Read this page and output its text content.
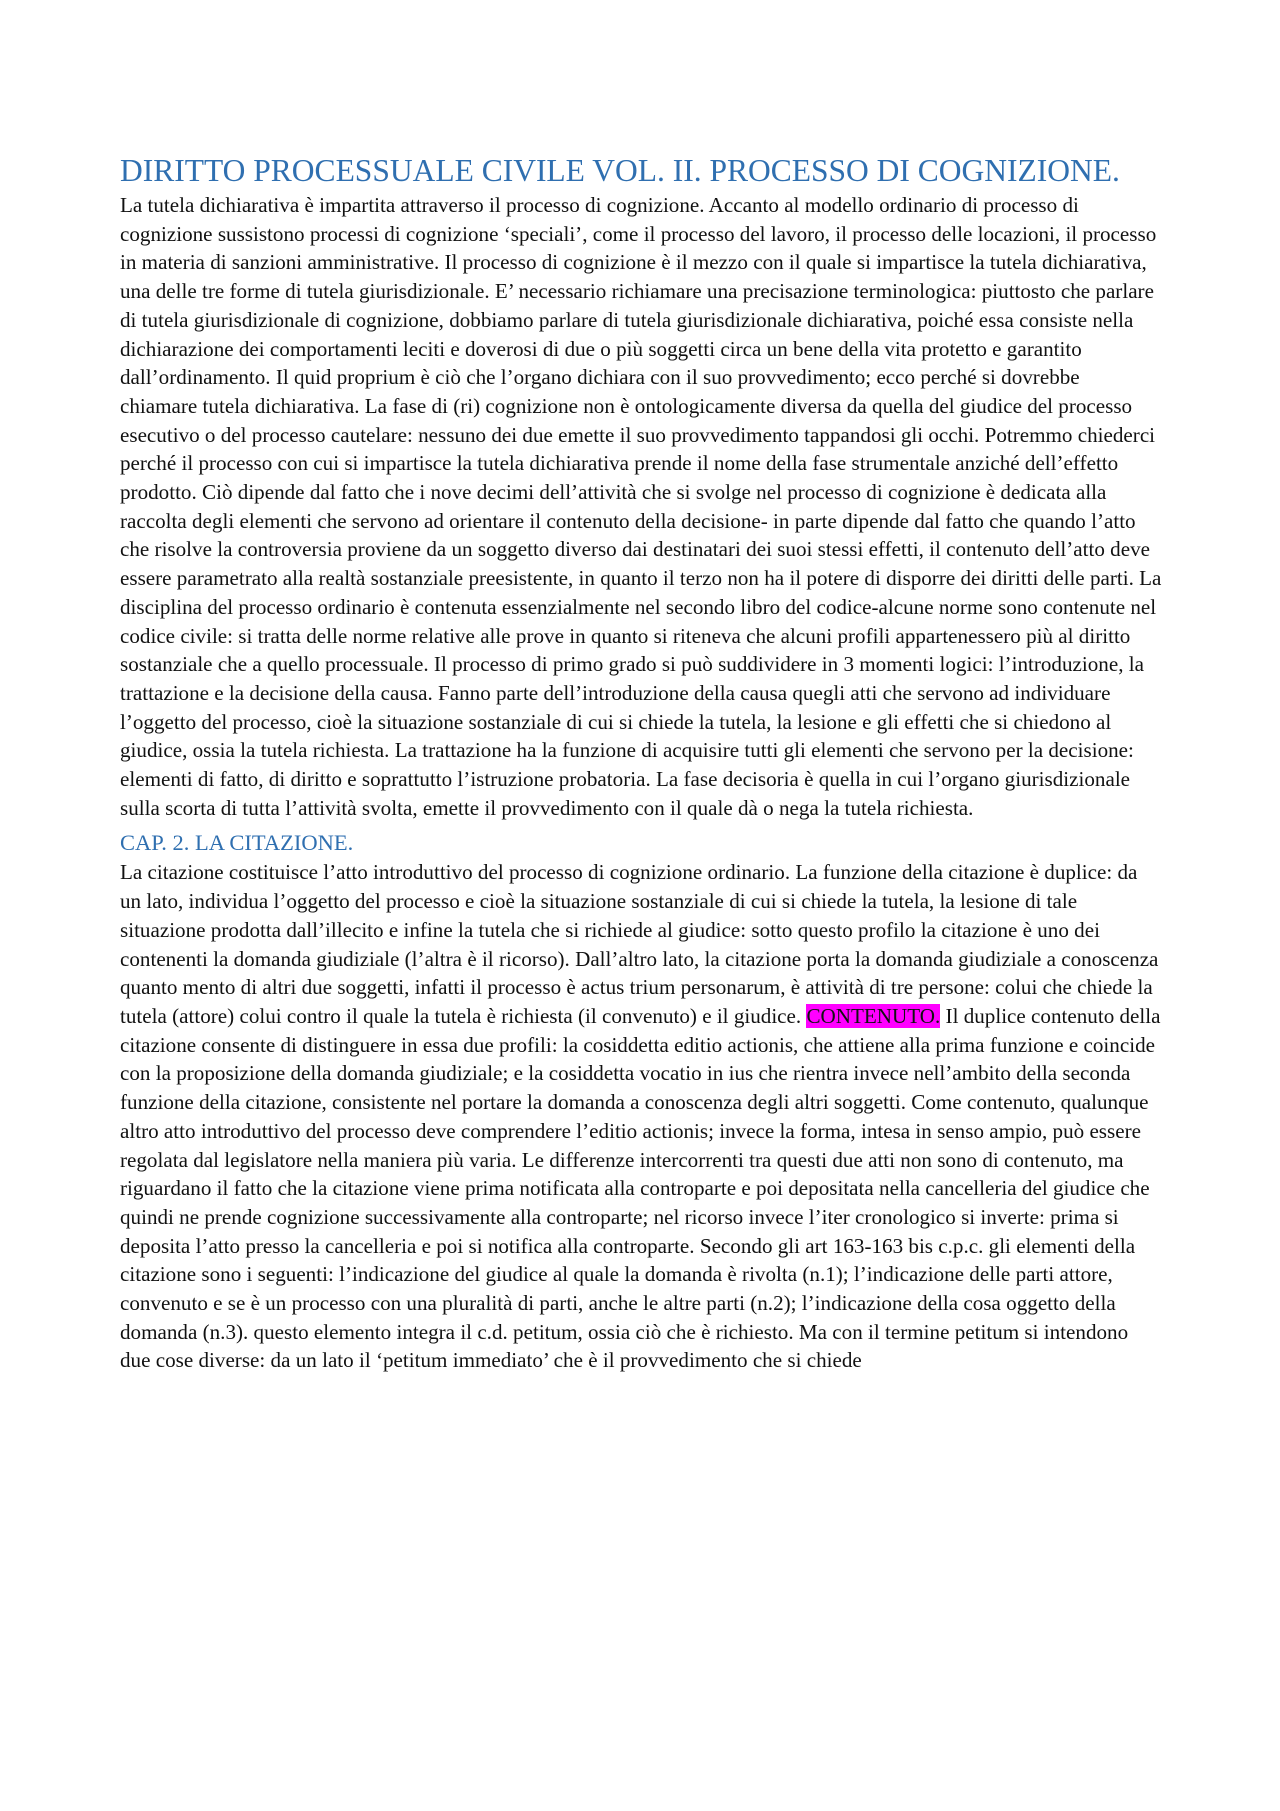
DIRITTO PROCESSUALE CIVILE VOL. II. PROCESSO DI COGNIZIONE.

La tutela dichiarativa è impartita attraverso il processo di cognizione. Accanto al modello ordinario di processo di cognizione sussistono processi di cognizione ‘speciali’, come il processo del lavoro, il processo delle locazioni, il processo in materia di sanzioni amministrative. Il processo di cognizione è il mezzo con il quale si impartisce la tutela dichiarativa, una delle tre forme di tutela giurisdizionale. E’ necessario richiamare una precisazione terminologica: piuttosto che parlare di tutela giurisdizionale di cognizione, dobbiamo parlare di tutela giurisdizionale dichiarativa, poiché essa consiste nella dichiarazione dei comportamenti leciti e doverosi di due o più soggetti circa un bene della vita protetto e garantito dall’ordinamento. Il quid proprium è ciò che l’organo dichiara con il suo provvedimento; ecco perché si dovrebbe chiamare tutela dichiarativa. La fase di (ri) cognizione non è ontologicamente diversa da quella del giudice del processo esecutivo o del processo cautelare: nessuno dei due emette il suo provvedimento tappandosi gli occhi. Potremmo chiederci perché il processo con cui si impartisce la tutela dichiarativa prende il nome della fase strumentale anziché dell’effetto prodotto. Ciò dipende dal fatto che i nove decimi dell’attività che si svolge nel processo di cognizione è dedicata alla raccolta degli elementi che servono ad orientare il contenuto della decisione- in parte dipende dal fatto che quando l’atto che risolve la controversia proviene da un soggetto diverso dai destinatari dei suoi stessi effetti, il contenuto dell’atto deve essere parametrato alla realtà sostanziale preesistente, in quanto il terzo non ha il potere di disporre dei diritti delle parti. La disciplina del processo ordinario è contenuta essenzialmente nel secondo libro del codice-alcune norme sono contenute nel codice civile: si tratta delle norme relative alle prove in quanto si riteneva che alcuni profili appartenessero più al diritto sostanziale che a quello processuale. Il processo di primo grado si può suddividere in 3 momenti logici: l’introduzione, la trattazione e la decisione della causa. Fanno parte dell’introduzione della causa quegli atti che servono ad individuare l’oggetto del processo, cioè la situazione sostanziale di cui si chiede la tutela, la lesione e gli effetti che si chiedono al giudice, ossia la tutela richiesta. La trattazione ha la funzione di acquisire tutti gli elementi che servono per la decisione: elementi di fatto, di diritto e soprattutto l’istruzione probatoria. La fase decisoria è quella in cui l’organo giurisdizionale sulla scorta di tutta l’attività svolta, emette il provvedimento con il quale dà o nega la tutela richiesta.

CAP. 2. LA CITAZIONE.

La citazione costituisce l’atto introduttivo del processo di cognizione ordinario. La funzione della citazione è duplice: da un lato, individua l’oggetto del processo e cioè la situazione sostanziale di cui si chiede la tutela, la lesione di tale situazione prodotta dall’illecito e infine la tutela che si richiede al giudice: sotto questo profilo la citazione è uno dei contenenti la domanda giudiziale (l’altra è il ricorso). Dall’altro lato, la citazione porta la domanda giudiziale a conoscenza quanto mento di altri due soggetti, infatti il processo è actus trium personarum, è attività di tre persone: colui che chiede la tutela (attore) colui contro il quale la tutela è richiesta (il convenuto) e il giudice. CONTENUTO. Il duplice contenuto della citazione consente di distinguere in essa due profili: la cosiddetta editio actionis, che attiene alla prima funzione e coincide con la proposizione della domanda giudiziale; e la cosiddetta vocatio in ius che rientra invece nell’ambito della seconda funzione della citazione, consistente nel portare la domanda a conoscenza degli altri soggetti. Come contenuto, qualunque altro atto introduttivo del processo deve comprendere l’editio actionis; invece la forma, intesa in senso ampio, può essere regolata dal legislatore nella maniera più varia. Le differenze intercorrenti tra questi due atti non sono di contenuto, ma riguardano il fatto che la citazione viene prima notificata alla controparte e poi depositata nella cancelleria del giudice che quindi ne prende cognizione successivamente alla controparte; nel ricorso invece l’iter cronologico si inverte: prima si deposita l’atto presso la cancelleria e poi si notifica alla controparte. Secondo gli art 163-163 bis c.p.c. gli elementi della citazione sono i seguenti: l’indicazione del giudice al quale la domanda è rivolta (n.1); l’indicazione delle parti attore, convenuto e se è un processo con una pluralità di parti, anche le altre parti (n.2); l’indicazione della cosa oggetto della domanda (n.3). questo elemento integra il c.d. petitum, ossia ciò che è richiesto. Ma con il termine petitum si intendono due cose diverse: da un lato il ‘petitum immediato’ che è il provvedimento che si chiede
